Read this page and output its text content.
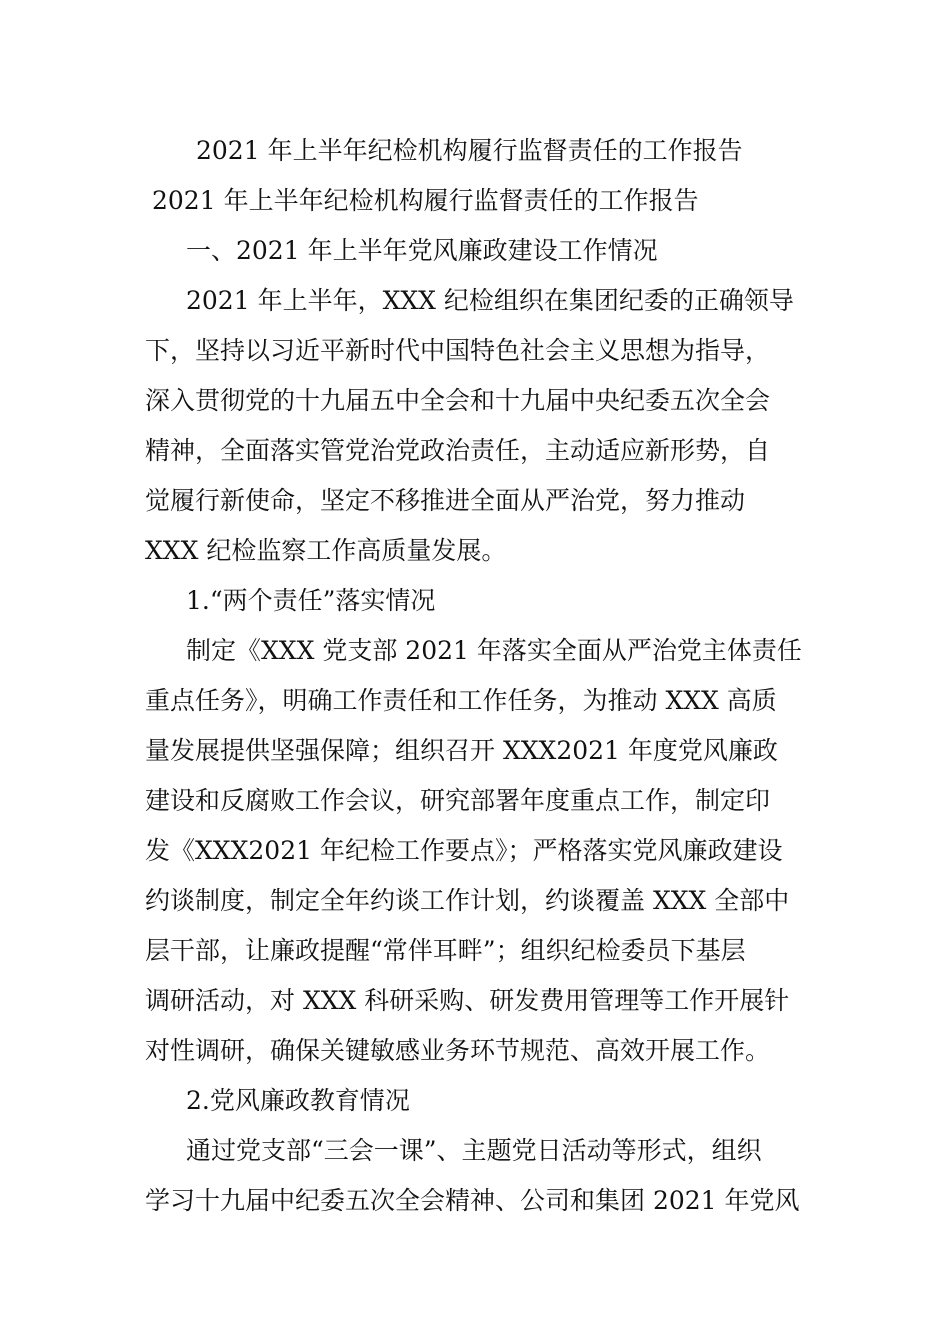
2021 年上半年纪检机构履行监督责任的工作报告
2021 年上半年纪检机构履行监督责任的工作报告
一、2021 年上半年党风廉政建设工作情况
2021 年上半年，XXX 纪检组织在集团纪委的正确领导
下，坚持以习近平新时代中国特色社会主义思想为指导，
深入贯彻党的十九届五中全会和十九届中央纪委五次全会
精神，全面落实管党治党政治责任，主动适应新形势，自
觉履行新使命，坚定不移推进全面从严治党，努力推动
XXX 纪检监察工作高质量发展。
1.“两个责任”落实情况
制定《XXX 党支部 2021 年落实全面从严治党主体责任
重点任务》，明确工作责任和工作任务，为推动 XXX 高质
量发展提供坚强保障；组织召开 XXX2021 年度党风廉政
建设和反腐败工作会议，研究部署年度重点工作，制定印
发《XXX2021 年纪检工作要点》；严格落实党风廉政建设
约谈制度，制定全年约谈工作计划，约谈覆盖 XXX 全部中
层干部，让廉政提醒“常伴耳畔”；组织纪检委员下基层
调研活动，对 XXX 科研采购、研发费用管理等工作开展针
对性调研，确保关键敏感业务环节规范、高效开展工作。
2.党风廉政教育情况
通过党支部“三会一课”、主题党日活动等形式，组织
学习十九届中纪委五次全会精神、公司和集团 2021 年党风
